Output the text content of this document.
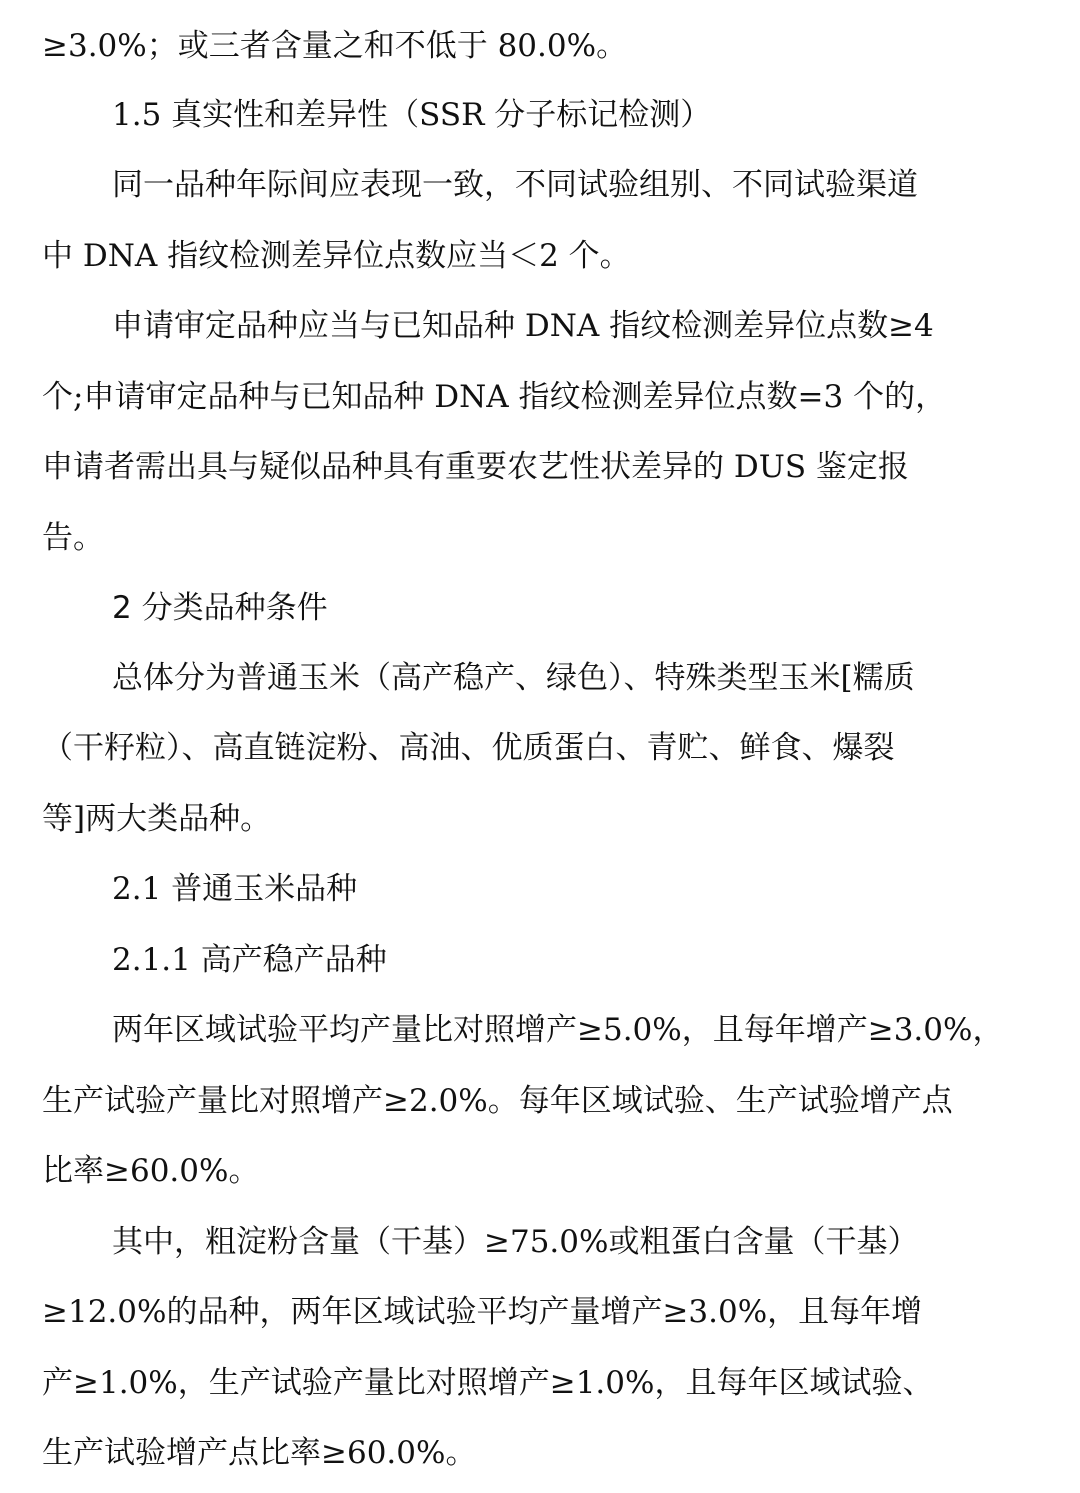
≥3.0%；或三者含量之和不低于 80.0%。
1.5 真实性和差异性（SSR 分子标记检测）
同一品种年际间应表现一致，不同试验组别、不同试验渠道
中 DNA 指纹检测差异位点数应当＜2 个。
申请审定品种应当与已知品种 DNA 指纹检测差异位点数≥4
个;申请审定品种与已知品种 DNA 指纹检测差异位点数=3 个的，
申请者需出具与疑似品种具有重要农艺性状差异的 DUS 鉴定报
告。
2 分类品种条件
总体分为普通玉米（高产稳产、绿色）、特殊类型玉米[糯质
（干籽粒）、高直链淀粉、高油、优质蛋白、青贮、鲜食、爆裂
等]两大类品种。
2.1 普通玉米品种
2.1.1 高产稳产品种
两年区域试验平均产量比对照增产≥5.0%，且每年增产≥3.0%，
生产试验产量比对照增产≥2.0%。每年区域试验、生产试验增产点
比率≥60.0%。
其中，粗淀粉含量（干基）≥75.0%或粗蛋白含量（干基）
≥12.0%的品种，两年区域试验平均产量增产≥3.0%，且每年增
产≥1.0%，生产试验产量比对照增产≥1.0%，且每年区域试验、
生产试验增产点比率≥60.0%。
